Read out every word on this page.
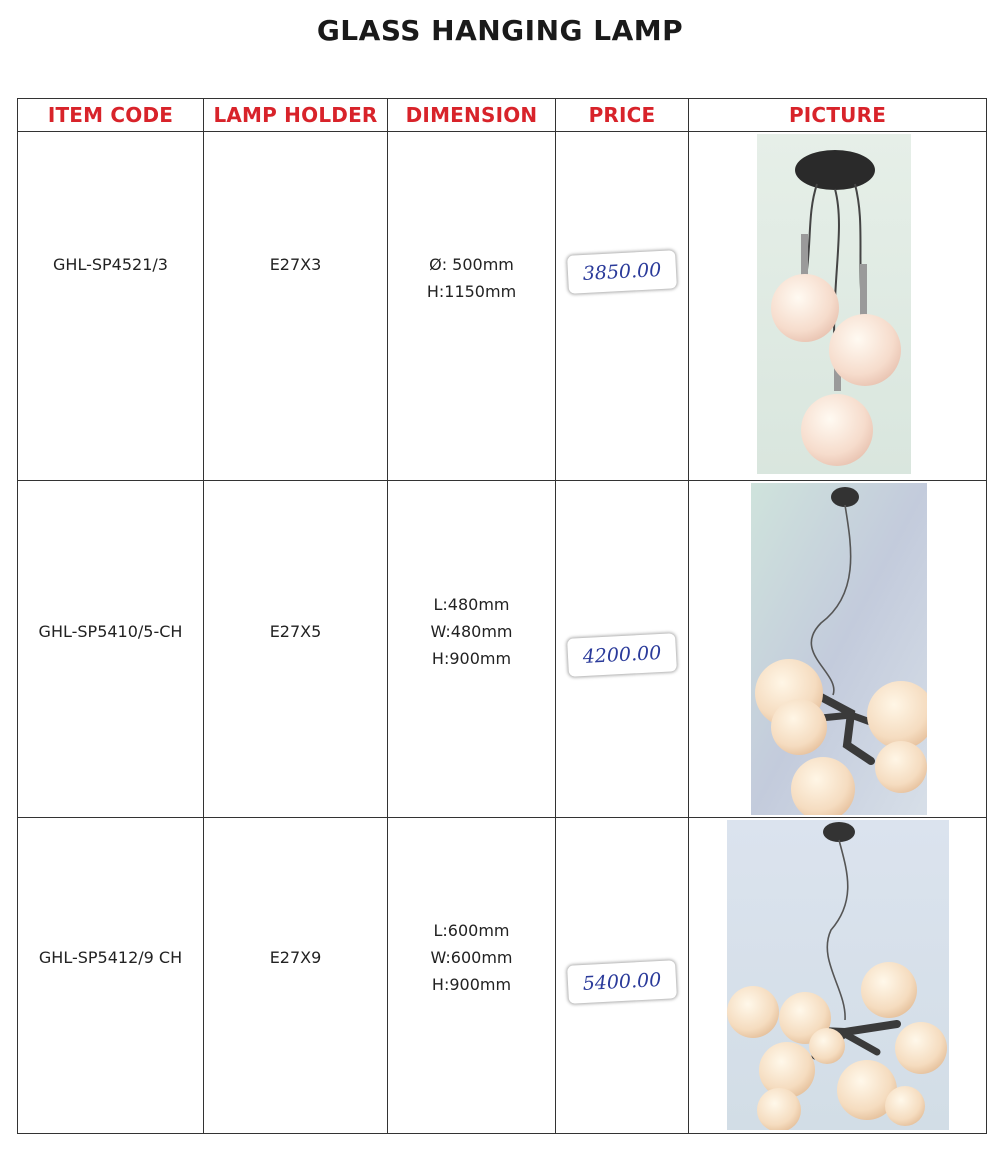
GLASS HANGING LAMP
ITEM CODE	LAMP HOLDER	DIMENSION	PRICE	PICTURE
GHL-SP4521/3	E27X3	Ø: 500mm
H:1150mm	3850.00	

GHL-SP5410/5-CH	E27X5	L:480mm
W:480mm
H:900mm	4200.00	

GHL-SP5412/9 CH	E27X9	L:600mm
W:600mm
H:900mm	5400.00	
